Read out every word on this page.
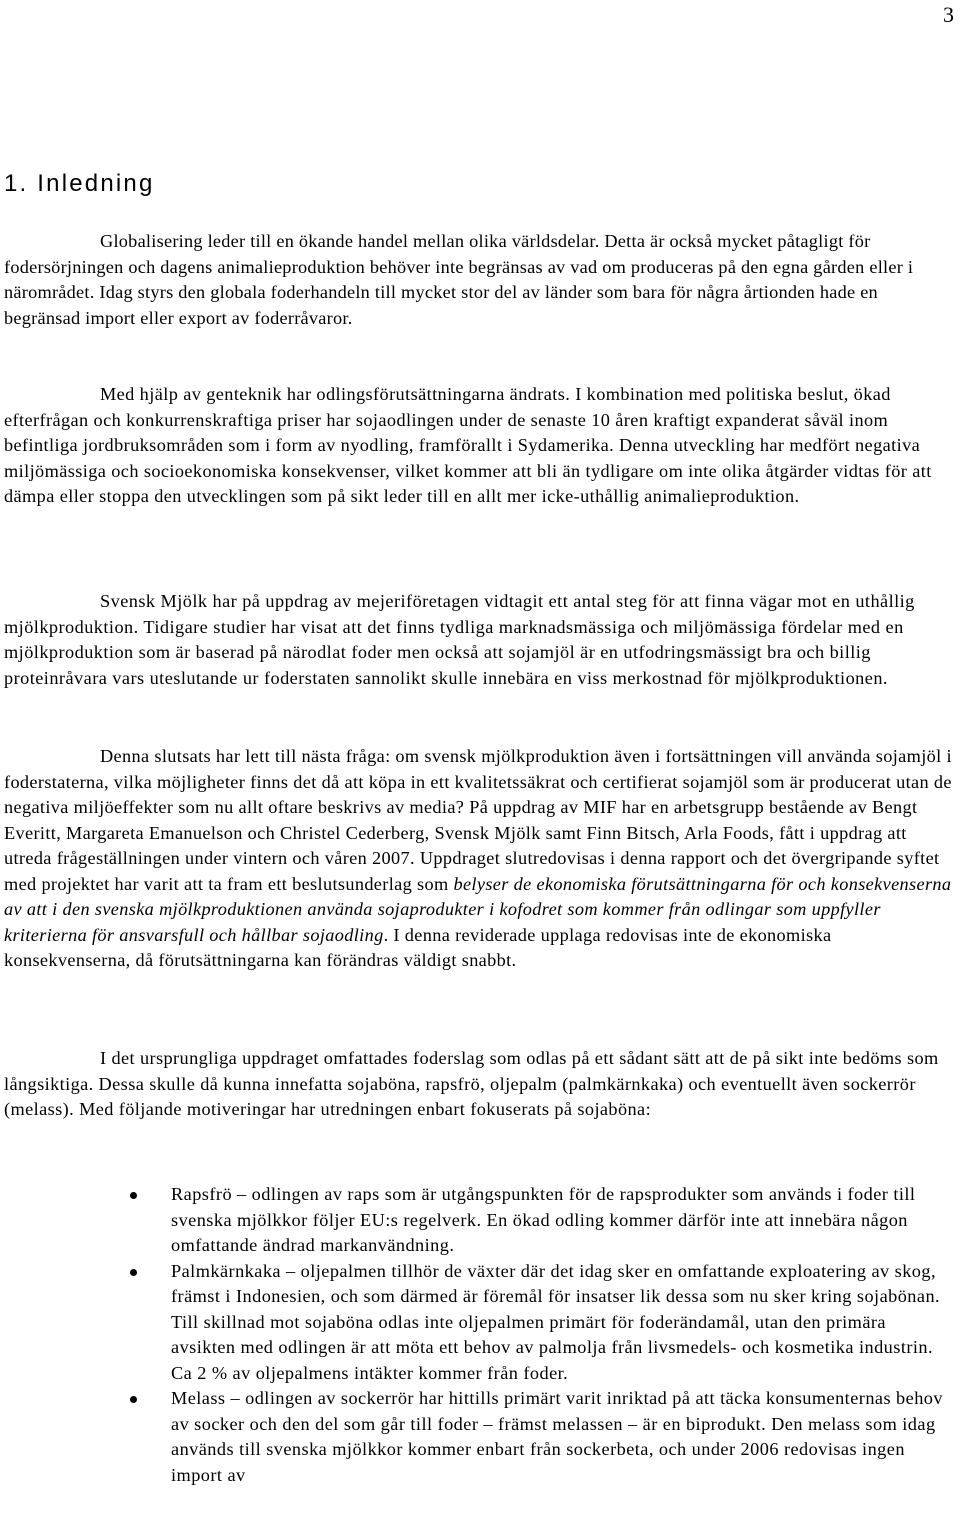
3
1. Inledning

Globalisering leder till en ökande handel mellan olika världsdelar. Detta är också mycket påtagligt för fodersörjningen och dagens animalieproduktion behöver inte begränsas av vad om produceras på den egna gården eller i närområdet. Idag styrs den globala foderhandeln till mycket stor del av länder som bara för några årtionden hade en begränsad import eller export av foderråvaror.

Med hjälp av genteknik har odlingsförutsättningarna ändrats. I kombination med politiska beslut, ökad efterfrågan och konkurrenskraftiga priser har sojaodlingen under de senaste 10 åren kraftigt expanderat såväl inom befintliga jordbruksområden som i form av nyodling, framförallt i Sydamerika. Denna utveckling har medfört negativa miljömässiga och socioekonomiska konsekvenser, vilket kommer att bli än tydligare om inte olika åtgärder vidtas för att dämpa eller stoppa den utvecklingen som på sikt leder till en allt mer icke-uthållig animalieproduktion.

Svensk Mjölk har på uppdrag av mejeriföretagen vidtagit ett antal steg för att finna vägar mot en uthållig mjölkproduktion. Tidigare studier har visat att det finns tydliga marknadsmässiga och miljömässiga fördelar med en mjölkproduktion som är baserad på närodlat foder men också att sojamjöl är en utfodringsmässigt bra och billig proteinråvara vars uteslutande ur foderstaten sannolikt skulle innebära en viss merkostnad för mjölkproduktionen.

Denna slutsats har lett till nästa fråga: om svensk mjölkproduktion även i fortsättningen vill använda sojamjöl i foderstaterna, vilka möjligheter finns det då att köpa in ett kvalitetssäkrat och certifierat sojamjöl som är producerat utan de negativa miljöeffekter som nu allt oftare beskrivs av media? På uppdrag av MIF har en arbetsgrupp bestående av Bengt Everitt, Margareta Emanuelson och Christel Cederberg, Svensk Mjölk samt Finn Bitsch, Arla Foods, fått i uppdrag att utreda frågeställningen under vintern och våren 2007. Uppdraget slutredovisas i denna rapport och det övergripande syftet med projektet har varit att ta fram ett beslutsunderlag som belyser de ekonomiska förutsättningarna för och konsekvenserna av att i den svenska mjölkproduktionen använda sojaprodukter i kofodret som kommer från odlingar som uppfyller kriterierna för ansvarsfull och hållbar sojaodling. I denna reviderade upplaga redovisas inte de ekonomiska konsekvenserna, då förutsättningarna kan förändras väldigt snabbt.

I det ursprungliga uppdraget omfattades foderslag som odlas på ett sådant sätt att de på sikt inte bedöms som långsiktiga. Dessa skulle då kunna innefatta sojaböna, rapsfrö, oljepalm (palmkärnkaka) och eventuellt även sockerrör (melass). Med följande motiveringar har utredningen enbart fokuserats på sojaböna:

Rapsfrö – odlingen av raps som är utgångspunkten för de rapsprodukter som används i foder till svenska mjölkkor följer EU:s regelverk. En ökad odling kommer därför inte att innebära någon omfattande ändrad markanvändning.
Palmkärnkaka – oljepalmen tillhör de växter där det idag sker en omfattande exploatering av skog, främst i Indonesien, och som därmed är föremål för insatser lik dessa som nu sker kring sojabönan. Till skillnad mot sojaböna odlas inte oljepalmen primärt för foderändamål, utan den primära avsikten med odlingen är att möta ett behov av palmolja från livsmedels- och kosmetika industrin. Ca 2 % av oljepalmens intäkter kommer från foder.
Melass – odlingen av sockerrör har hittills primärt varit inriktad på att täcka konsumenternas behov av socker och den del som går till foder – främst melassen – är en biprodukt. Den melass som idag används till svenska mjölkkor kommer enbart från sockerbeta, och under 2006 redovisas ingen import av
